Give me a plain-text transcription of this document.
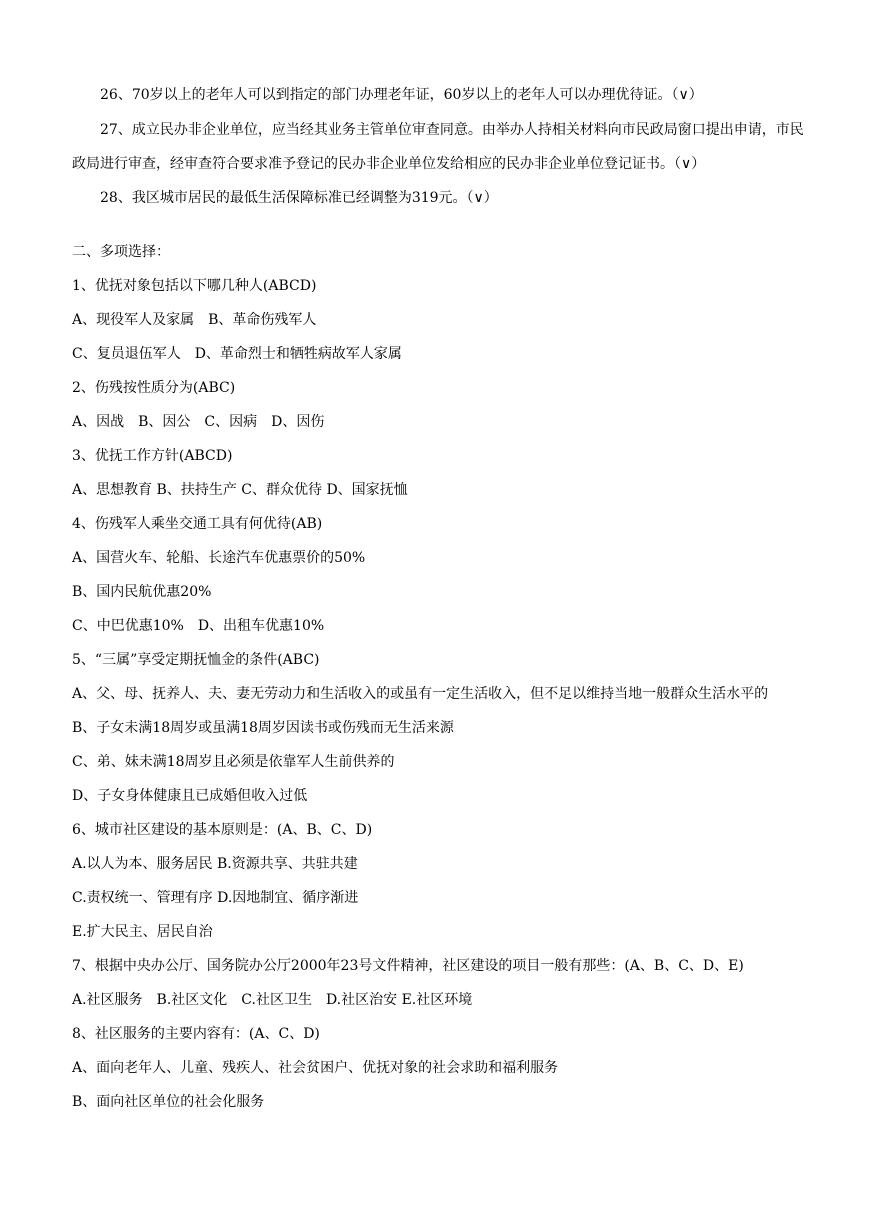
26、70岁以上的老年人可以到指定的部门办理老年证，60岁以上的老年人可以办理优待证。（∨）
27、成立民办非企业单位，应当经其业务主管单位审查同意。由举办人持相关材料向市民政局窗口提出申请，市民
政局进行审查，经审查符合要求准予登记的民办非企业单位发给相应的民办非企业单位登记证书。（∨）
28、我区城市居民的最低生活保障标准已经调整为319元。（∨）
二、多项选择：
1、优抚对象包括以下哪几种人(ABCD)
A、现役军人及家属　B、革命伤残军人
C、复员退伍军人　D、革命烈士和牺牲病故军人家属
2、伤残按性质分为(ABC)
A、因战　B、因公　C、因病　D、因伤
3、优抚工作方针(ABCD)
A、思想教育 B、扶持生产 C、群众优待 D、国家抚恤
4、伤残军人乘坐交通工具有何优待(AB)
A、国营火车、轮船、长途汽车优惠票价的50%
B、国内民航优惠20%
C、中巴优惠10%　D、出租车优惠10%
5、“三属”享受定期抚恤金的条件(ABC)
A、父、母、抚养人、夫、妻无劳动力和生活收入的或虽有一定生活收入，但不足以维持当地一般群众生活水平的
B、子女未满18周岁或虽满18周岁因读书或伤残而无生活来源
C、弟、妹未满18周岁且必须是依靠军人生前供养的
D、子女身体健康且已成婚但收入过低
6、城市社区建设的基本原则是：(A、B、C、D)
A.以人为本、服务居民 B.资源共享、共驻共建
C.责权统一、管理有序 D.因地制宜、循序渐进
E.扩大民主、居民自治
7、根据中央办公厅、国务院办公厅2000年23号文件精神，社区建设的项目一般有那些：(A、B、C、D、E)
A.社区服务　B.社区文化　C.社区卫生　D.社区治安 E.社区环境
8、社区服务的主要内容有：(A、C、D)
A、面向老年人、儿童、残疾人、社会贫困户、优抚对象的社会求助和福利服务
B、面向社区单位的社会化服务
